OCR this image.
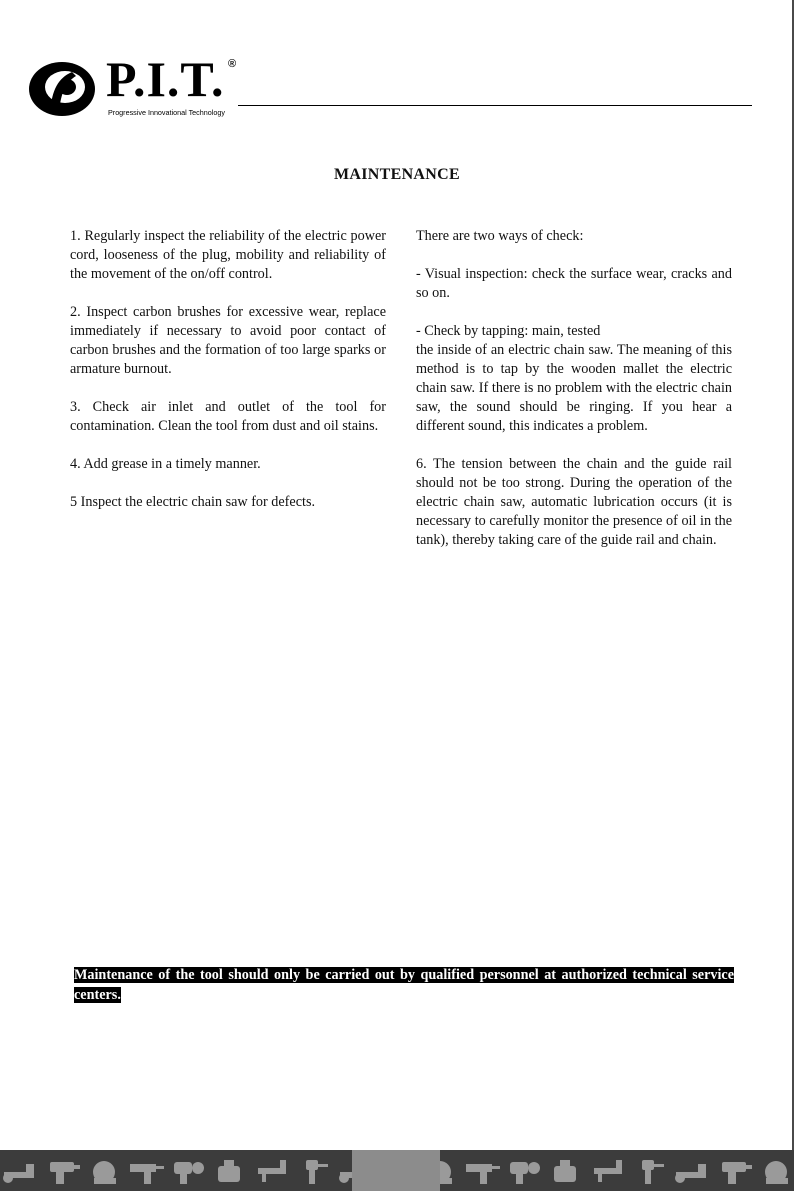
P.I.T. ®
Progressive Innovational Technology
MAINTENANCE

1. Regularly inspect the reliability of the electric power cord, looseness of the plug, mobility and reliability of the movement of the on/off control.

2. Inspect carbon brushes for excessive wear, replace immediately if necessary to avoid poor contact of carbon brushes and the formation of too large sparks or armature burnout.

3. Check air inlet and outlet of the tool for contamination. Clean the tool from dust and oil stains.

4. Add grease in a timely manner.

5 Inspect the electric chain saw for defects.

There are two ways of check:

- Visual inspection: check the surface wear, cracks and so on.

- Check by tapping: main, tested
the inside of an electric chain saw. The meaning of this method is to tap by the wooden mallet the electric chain saw. If there is no problem with the electric chain saw, the sound should be ringing. If you hear a different sound, this indicates a problem.

6. The tension between the chain and the guide rail should not be too strong. During the operation of the electric chain saw, automatic lubrication occurs (it is necessary to carefully monitor the presence of oil in the tank), thereby taking care of the guide rail and chain.

Maintenance of the tool should only be carried out by qualified personnel at authorized technical service centers.
